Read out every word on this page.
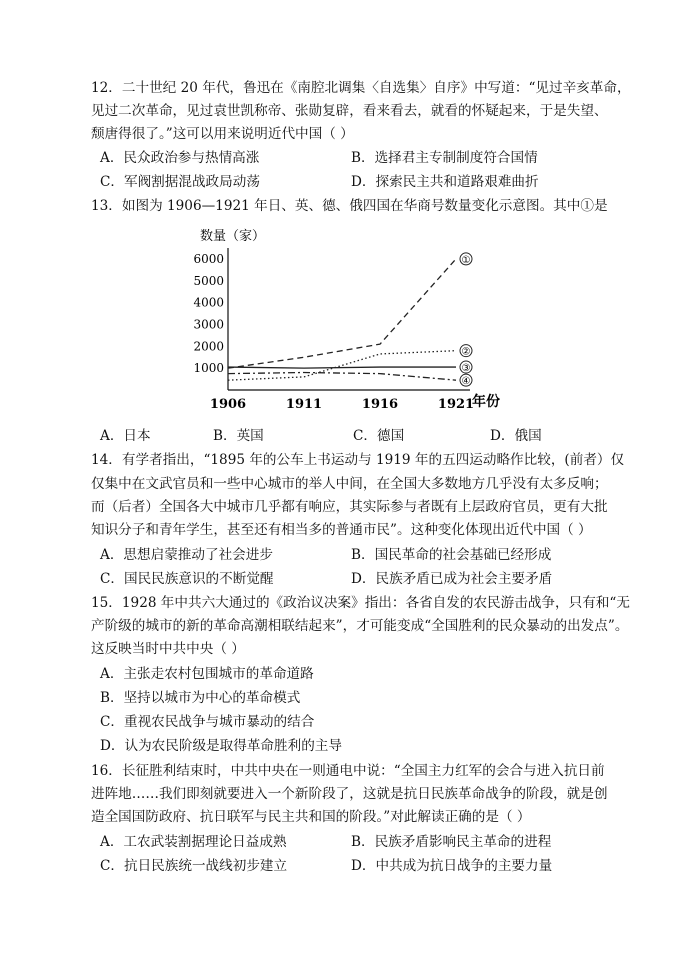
12．二十世纪 20 年代，鲁迅在《南腔北调集〈自选集〉自序》中写道：“见过辛亥革命，
见过二次革命，见过袁世凯称帝、张勋复辟，看来看去，就看的怀疑起来，于是失望、
颓唐得很了。”这可以用来说明近代中国（ ）
A．民众政治参与热情高涨	B．选择君主专制制度符合国情
C．军阀割据混战政局动荡	D．探索民主共和道路艰难曲折
13．如图为 1906—1921 年日、英、德、俄四国在华商号数量变化示意图。其中①是
数量（家）
1000
2000
3000
4000
5000
6000
1906	1911	1916	1921
①
②
③
④
年份
A．日本	B．英国	C．德国	D．俄国
14．有学者指出，“1895 年的公车上书运动与 1919 年的五四运动略作比较，(前者）仅
仅集中在文武官员和一些中心城市的举人中间，在全国大多数地方几乎没有太多反响；
而（后者）全国各大中城市几乎都有响应，其实际参与者既有上层政府官员，更有大批
知识分子和青年学生，甚至还有相当多的普通市民”。这种变化体现出近代中国（ ）
A．思想启蒙推动了社会进步	B．国民革命的社会基础已经形成
C．国民民族意识的不断觉醒	D．民族矛盾已成为社会主要矛盾
15．1928 年中共六大通过的《政治议决案》指出：各省自发的农民游击战争，只有和“无
产阶级的城市的新的革命高潮相联结起来”，才可能变成“全国胜利的民众暴动的出发点”。
这反映当时中共中央（ ）
A．主张走农村包围城市的革命道路
B．坚持以城市为中心的革命模式
C．重视农民战争与城市暴动的结合
D．认为农民阶级是取得革命胜利的主导
16．长征胜利结束时，中共中央在一则通电中说：“全国主力红军的会合与进入抗日前
进阵地……我们即刻就要进入一个新阶段了，这就是抗日民族革命战争的阶段，就是创
造全国国防政府、抗日联军与民主共和国的阶段。”对此解读正确的是（ ）
A．工农武装割据理论日益成熟	B．民族矛盾影响民主革命的进程
C．抗日民族统一战线初步建立	D．中共成为抗日战争的主要力量
